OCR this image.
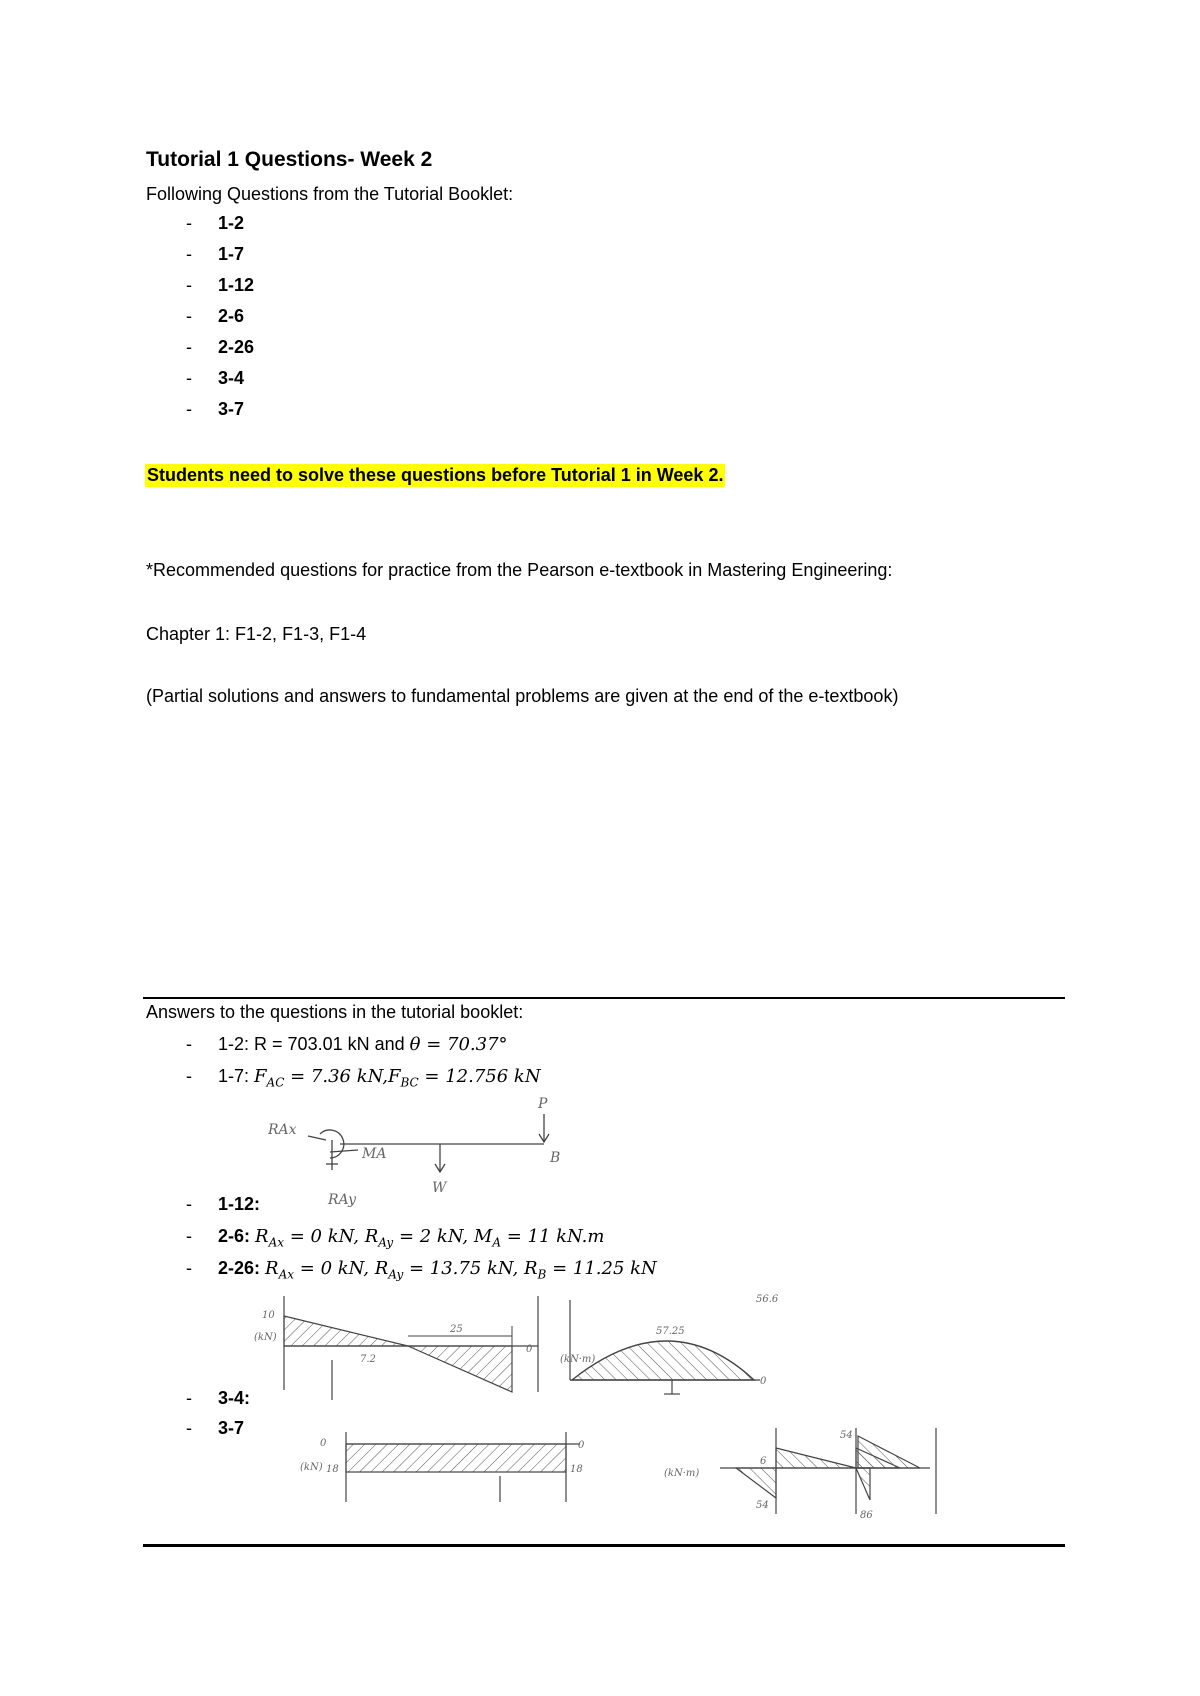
Tutorial 1 Questions- Week 2
Following Questions from the Tutorial Booklet:
- 1-2
- 1-7
- 1-12
- 2-6
- 2-26
- 3-4
- 3-7
Students need to solve these questions before Tutorial 1 in Week 2.
*Recommended questions for practice from the Pearson e-textbook in Mastering Engineering:
Chapter 1: F1-2, F1-3, F1-4
(Partial solutions and answers to fundamental problems are given at the end of the e-textbook)
Answers to the questions in the tutorial booklet:
- 1-2: R = 703.01 kN and θ = 70.37°
- 1-7: $F_{AC} = 7.36$ $kN,F_{BC} = 12.756$ kN
RAx
RAy
MA
W
P
B
- 1-12:
- 2-6: $R_{Ax} = 0$ kN, $R_{Ay} = 2$ kN, $M_A = 11$ kN.m
- 2-26: $R_{Ax} = 0$ kN, $R_{Ay} = 13.75$ kN, $R_B = 11.25$ kN
10
(kN)
7.2
25
0
56.6
57.25
(kN·m)
0
- 3-4:
- 3-7
(kN) 18
0
18
0
(kN·m)
54
6
54
86
